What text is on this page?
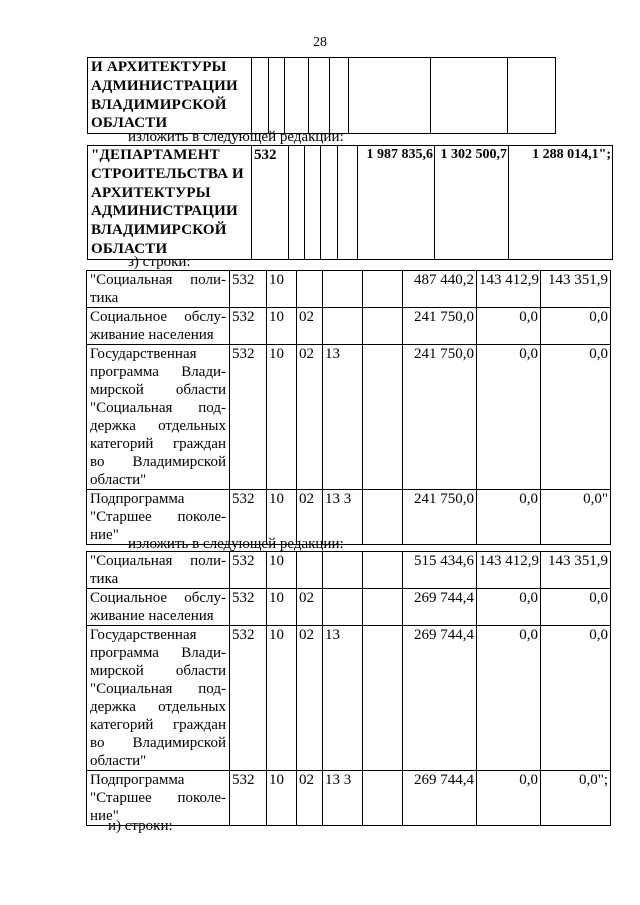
28
И АРХИТЕКТУРЫ АДМИНИСТРАЦИИ ВЛАДИМИРСКОЙ ОБЛАСТИ								
изложить в следующей редакции:
"ДЕПАРТАМЕНТ СТРОИТЕЛЬСТВА И АРХИТЕКТУРЫ АДМИНИСТРАЦИИ ВЛАДИМИРСКОЙ ОБЛАСТИ	532					1 987 835,6	1 302 500,7	1 288 014,1";
з) строки:
"Социальная поли-тика	532	10				487 440,2	143 412,9	143 351,9
Социальное обслу-живание населения	532	10	02			241 750,0	0,0	0,0
Государственная программа Влади-мирской области "Социальная под-держка отдельных категорий граждан во Владимирской области"	532	10	02	13		241 750,0	0,0	0,0
Подпрограмма "Старшее поколе-ние"	532	10	02	13 3		241 750,0	0,0	0,0"
изложить в следующей редакции:
"Социальная поли-тика	532	10				515 434,6	143 412,9	143 351,9
Социальное обслу-живание населения	532	10	02			269 744,4	0,0	0,0
Государственная программа Влади-мирской области "Социальная под-держка отдельных категорий граждан во Владимирской области"	532	10	02	13		269 744,4	0,0	0,0
Подпрограмма "Старшее поколе-ние"	532	10	02	13 3		269 744,4	0,0	0,0";
и) строки:
